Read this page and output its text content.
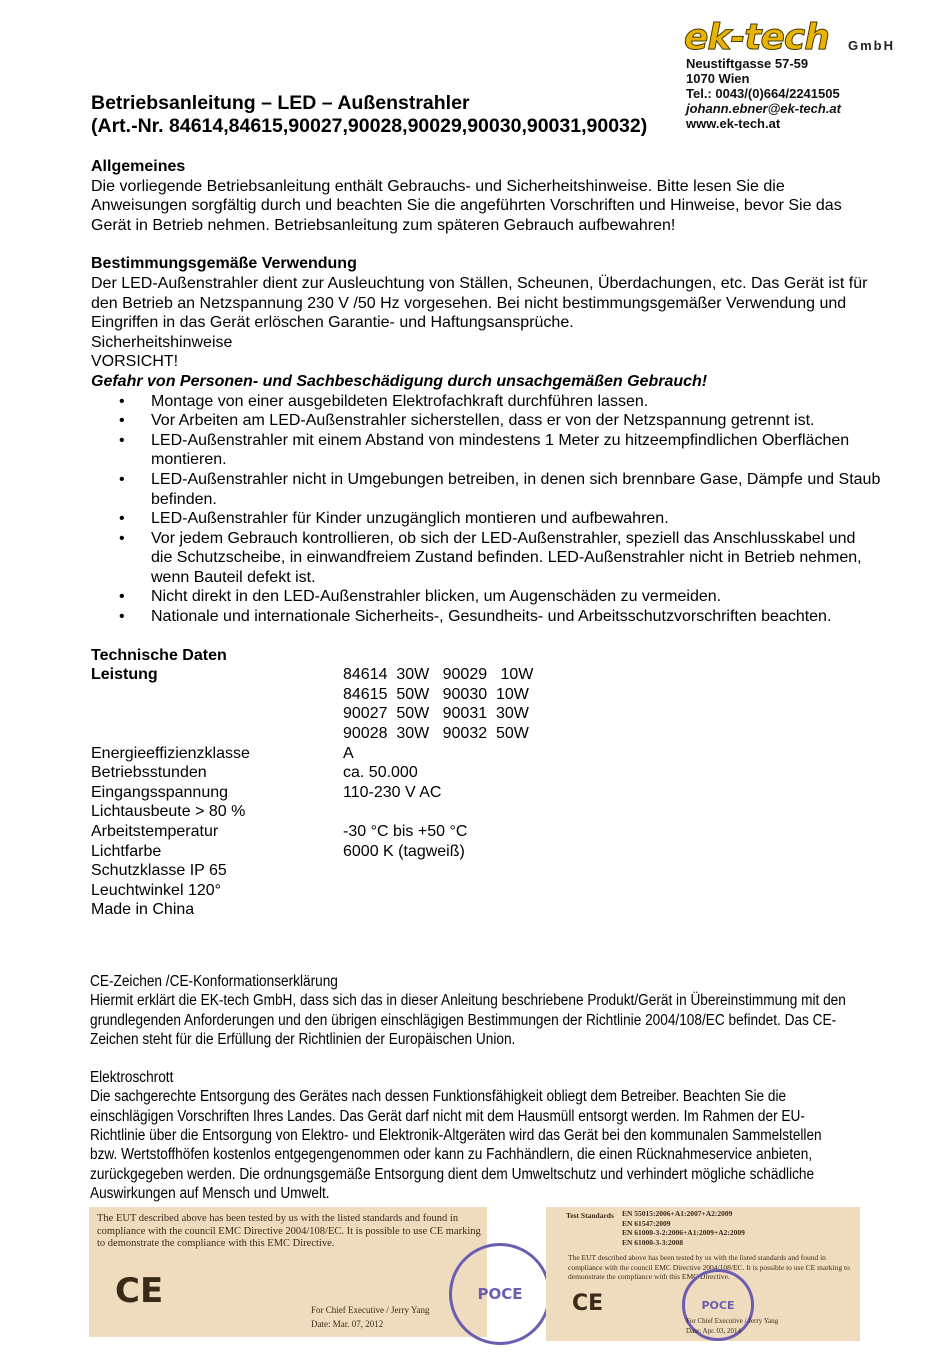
ek-tech	GmbH
Neustiftgasse 57-59
1070 Wien
Tel.: 0043/(0)664/2241505
johann.ebner@ek-tech.at
www.ek-tech.at
Betriebsanleitung – LED – Außenstrahler
(Art.-Nr. 84614,84615,90027,90028,90029,90030,90031,90032)

Allgemeines

Die vorliegende Betriebsanleitung enthält Gebrauchs- und Sicherheitshinweise. Bitte lesen Sie die Anweisungen sorgfältig durch und beachten Sie die angeführten Vorschriften und Hinweise, bevor Sie das Gerät in Betrieb nehmen. Betriebsanleitung zum späteren Gebrauch aufbewahren!

Bestimmungsgemäße Verwendung

Der LED-Außenstrahler dient zur Ausleuchtung von Ställen, Scheunen, Überdachungen, etc. Das Gerät ist für den Betrieb an Netzspannung 230 V /50 Hz vorgesehen. Bei nicht bestimmungsgemäßer Verwendung und Eingriffen in das Gerät erlöschen Garantie- und Haftungsansprüche.

Sicherheitshinweise

VORSICHT!

Gefahr von Personen- und Sachbeschädigung durch unsachgemäßen Gebrauch!

• Montage von einer ausgebildeten Elektrofachkraft durchführen lassen.
• Vor Arbeiten am LED-Außenstrahler sicherstellen, dass er von der Netzspannung getrennt ist.
• LED-Außenstrahler mit einem Abstand von mindestens 1 Meter zu hitzeempfindlichen Oberflächen montieren.
• LED-Außenstrahler nicht in Umgebungen betreiben, in denen sich brennbare Gase, Dämpfe und Staub befinden.
• LED-Außenstrahler für Kinder unzugänglich montieren und aufbewahren.
• Vor jedem Gebrauch kontrollieren, ob sich der LED-Außenstrahler, speziell das Anschlusskabel und die Schutzscheibe, in einwandfreiem Zustand befinden. LED-Außenstrahler nicht in Betrieb nehmen, wenn Bauteil defekt ist.
• Nicht direkt in den LED-Außenstrahler blicken, um Augenschäden zu vermeiden.
• Nationale und internationale Sicherheits-, Gesundheits- und Arbeitsschutzvorschriften beachten.

Technische Daten

Leistung	84614  30W   90029   10W
84615  50W   90030  10W
90027  50W   90031  30W
90028  30W   90032  50W
Energieeffizienzklasse	A
Betriebsstunden	ca. 50.000
Eingangsspannung	110-230 V AC
Lichtausbeute > 80 %
Arbeitstemperatur	-30 °C bis +50 °C
Lichtfarbe	6000 K (tagweiß)
Schutzklasse IP 65
Leuchtwinkel 120°
Made in China

CE-Zeichen /CE-Konformationserklärung

Hiermit erklärt die EK-tech GmbH, dass sich das in dieser Anleitung beschriebene Produkt/Gerät in Übereinstimmung mit den grundlegenden Anforderungen und den übrigen einschlägigen Bestimmungen der Richtlinie 2004/108/EC befindet. Das CE-Zeichen steht für die Erfüllung der Richtlinien der Europäischen Union.

Elektroschrott

Die sachgerechte Entsorgung des Gerätes nach dessen Funktionsfähigkeit obliegt dem Betreiber. Beachten Sie die einschlägigen Vorschriften Ihres Landes. Das Gerät darf nicht mit dem Hausmüll entsorgt werden. Im Rahmen der EU-Richtlinie über die Entsorgung von Elektro- und Elektronik-Altgeräten wird das Gerät bei den kommunalen Sammelstellen bzw. Wertstoffhöfen kostenlos entgegengenommen oder kann zu Fachhändlern, die einen Rücknahmeservice anbieten, zurückgegeben werden. Die ordnungsgemäße Entsorgung dient dem Umweltschutz und verhindert mögliche schädliche Auswirkungen auf Mensch und Umwelt.

The EUT described above has been tested by us with the listed standards and found in compliance with the council EMC Directive 2004/108/EC. It is possible to use CE marking to demonstrate the compliance with this EMC Directive.
CE	POCE
For Chief Executive / Jerry Yang
Date: Mar. 07, 2012
Test Standards EN 55015:2006+A1:2007+A2:2009
EN 61547:2009
EN 61000-3-2:2006+A1:2009+A2:2009
EN 61000-3-3:2008
The EUT described above has been tested by us with the listed standards and found in compliance with the council EMC Directive 2004/108/EC. It is possible to use CE marking to demonstrate the compliance with this EMC Directive.
CE	POCE
For Chief Executive / Jerry Yang
Date: Apr. 03, 2014
